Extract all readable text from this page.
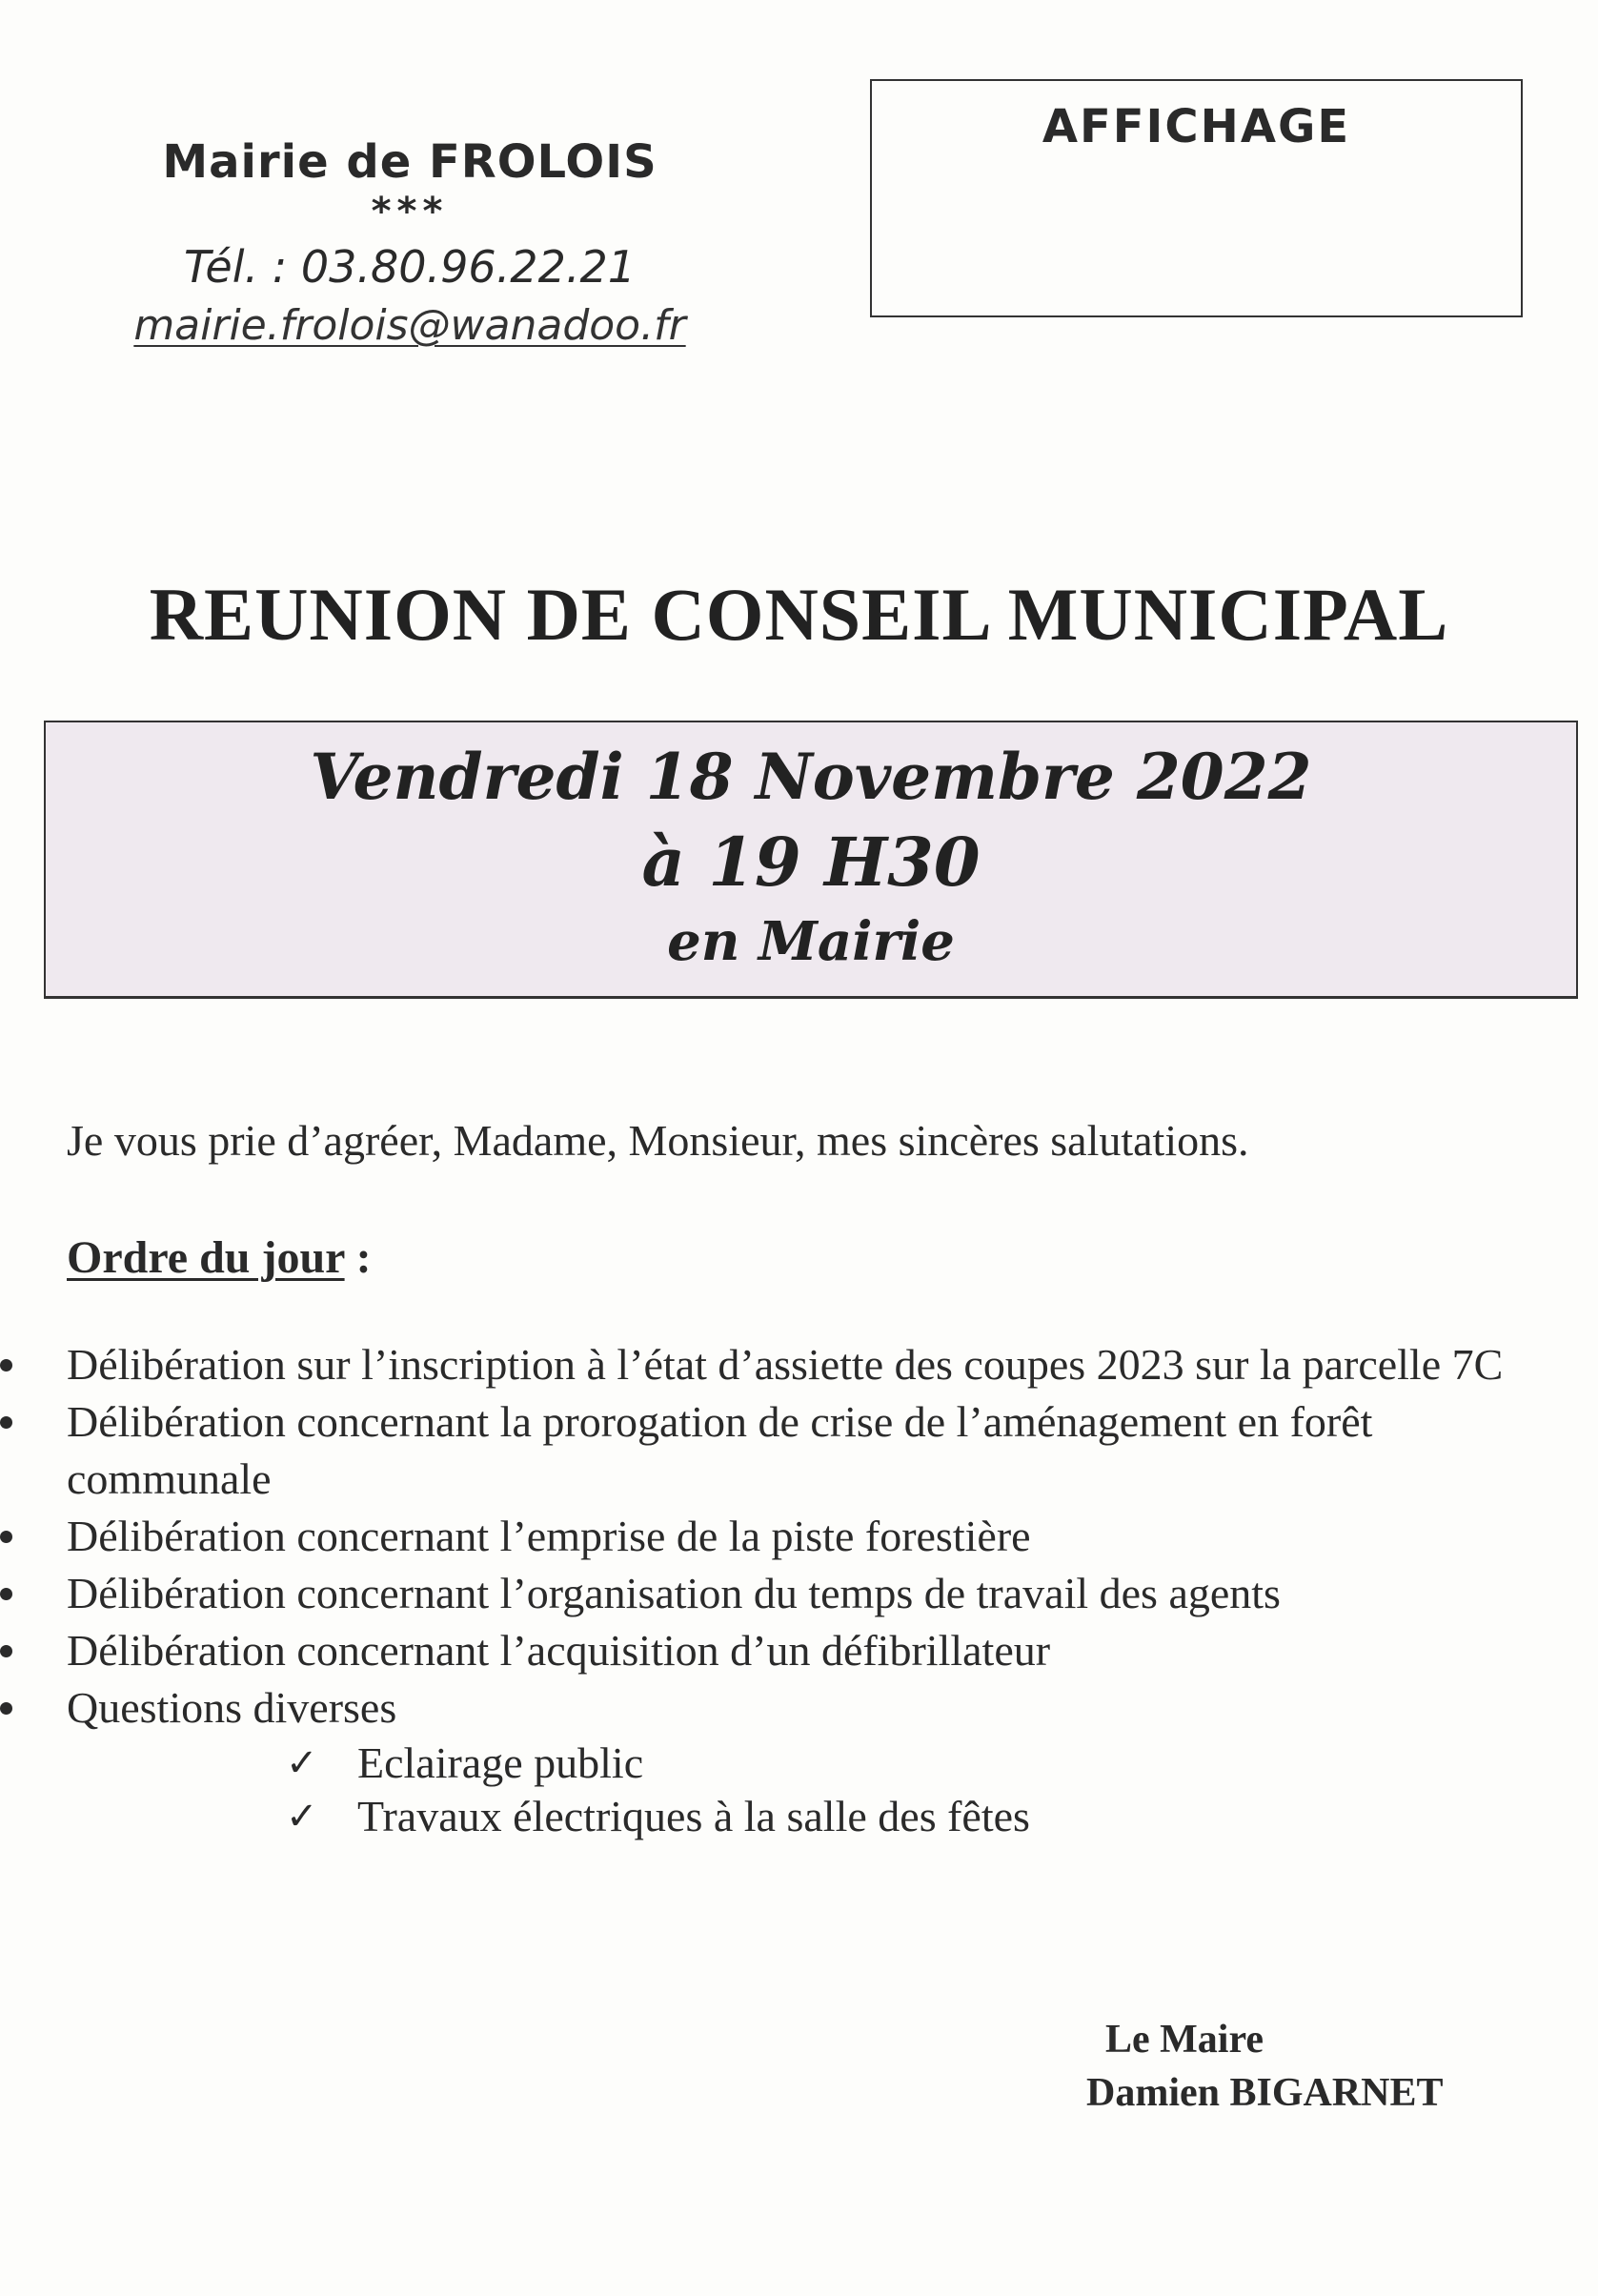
Mairie de FROLOIS
***
Tél. : 03.80.96.22.21
mairie.frolois@wanadoo.fr
AFFICHAGE
REUNION DE CONSEIL MUNICIPAL
Vendredi 18 Novembre 2022
à 19 H30
en Mairie
Je vous prie d’agréer, Madame, Monsieur, mes sincères salutations.
Ordre du jour :
Délibération sur l’inscription à l’état d’assiette des coupes 2023 sur la parcelle 7C
Délibération concernant la prorogation de crise de l’aménagement en forêt communale
Délibération concernant l’emprise de la piste forestière
Délibération concernant l’organisation du temps de travail des agents
Délibération concernant l’acquisition d’un défibrillateur
Questions diverses
✓ Eclairage public
✓ Travaux électriques à la salle des fêtes
Le Maire
Damien BIGARNET
